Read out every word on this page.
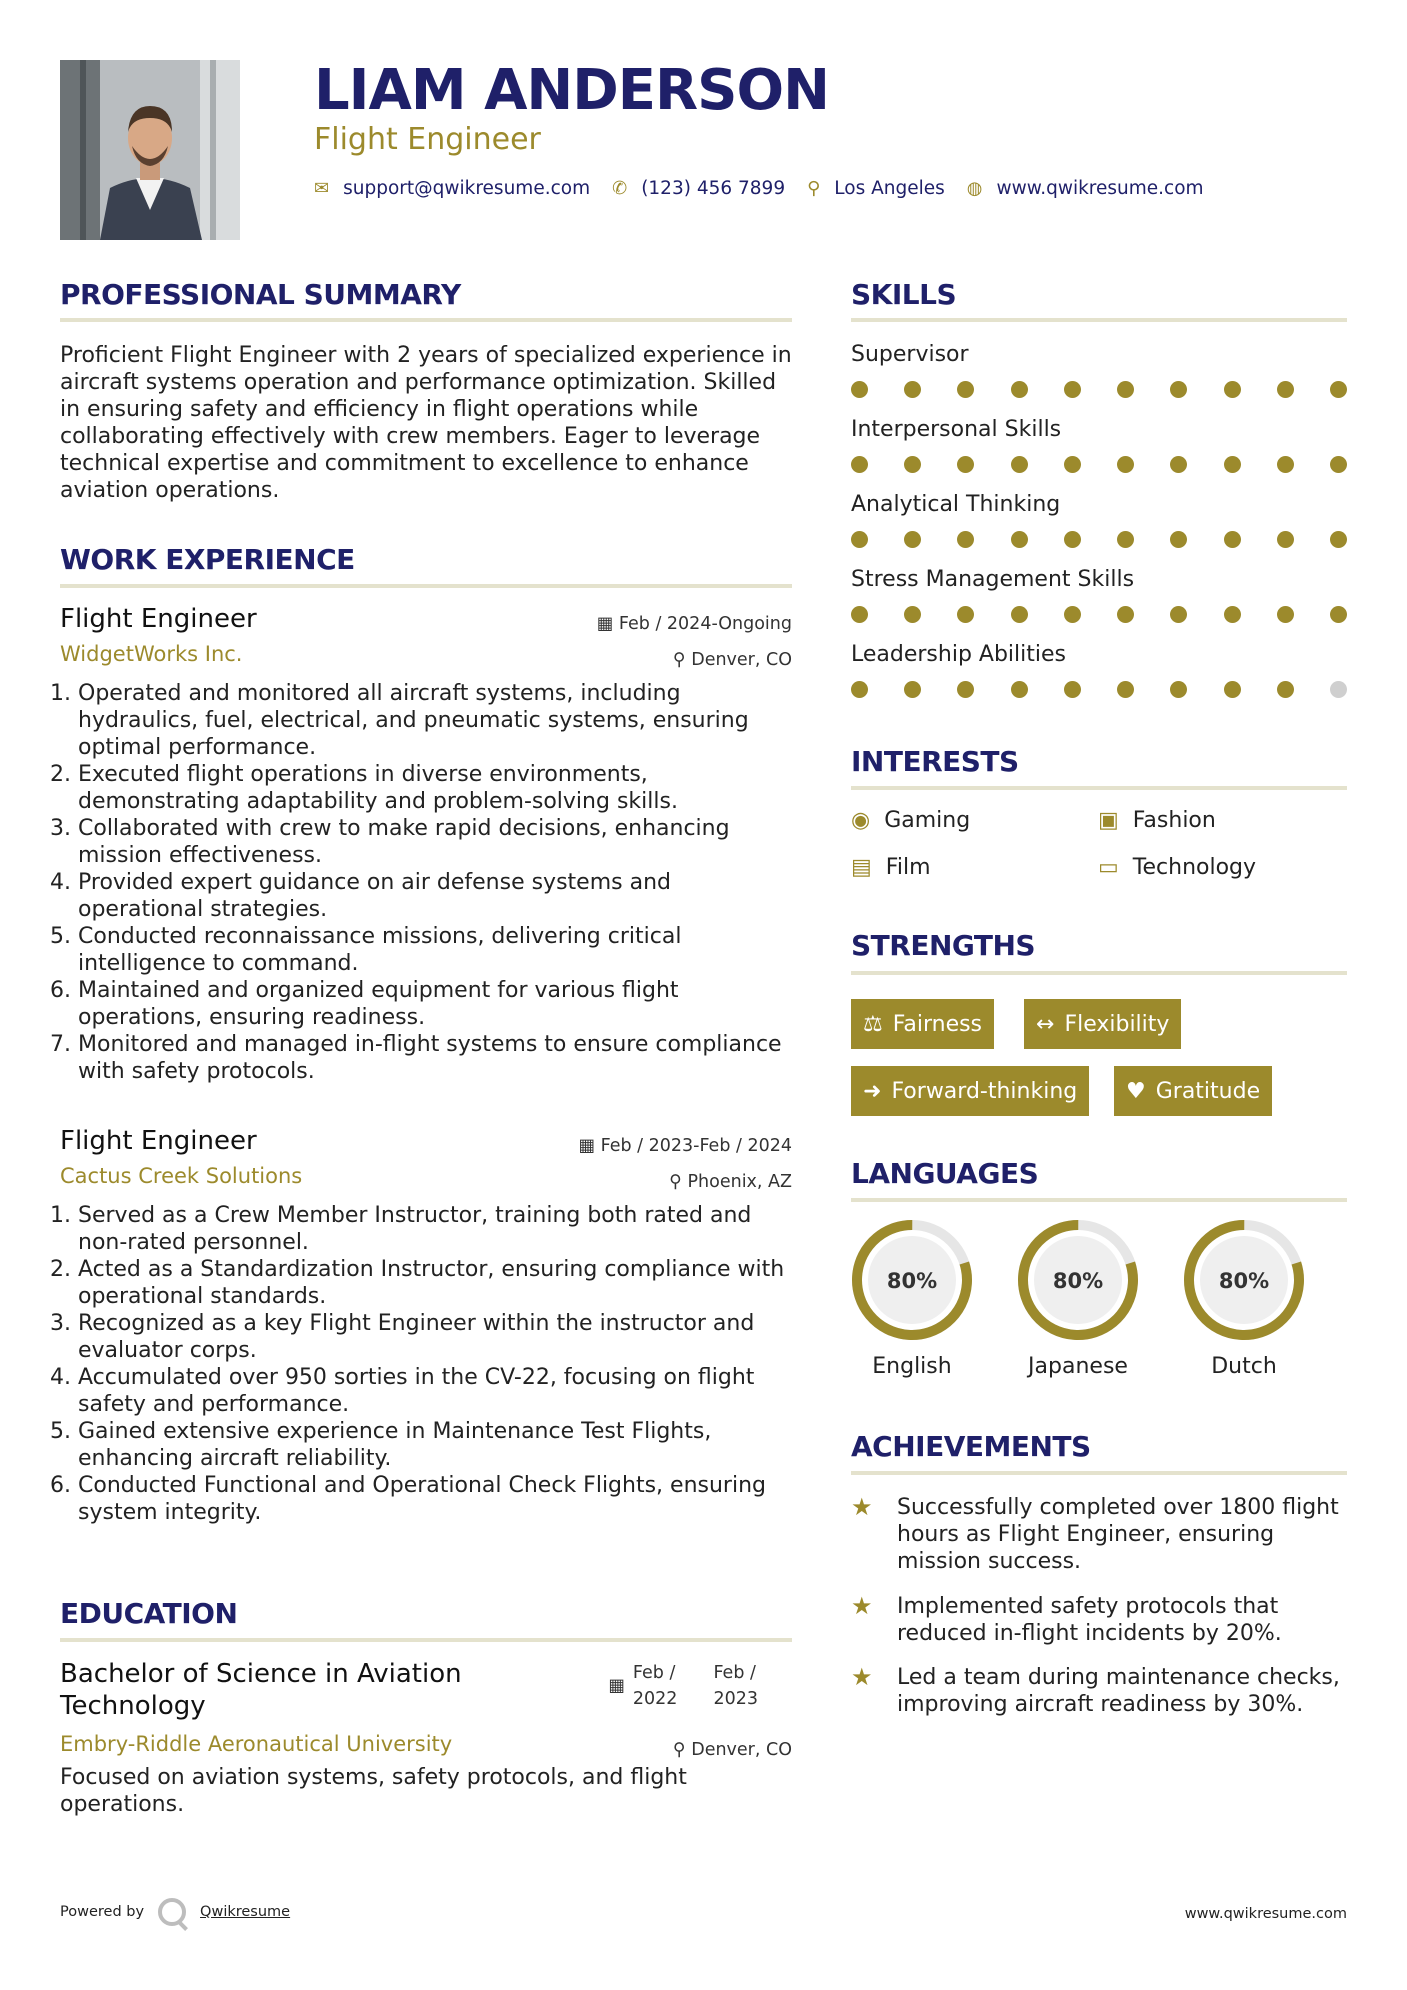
LIAM ANDERSON
Flight Engineer
✉ support@qwikresume.com ✆ (123) 456 7899 ⚲ Los Angeles ◍ www.qwikresume.com
PROFESSIONAL SUMMARY
Proficient Flight Engineer with 2 years of specialized experience in aircraft systems operation and performance optimization. Skilled in ensuring safety and efficiency in flight operations while collaborating effectively with crew members. Eager to leverage technical expertise and commitment to excellence to enhance aviation operations.
WORK EXPERIENCE
Flight Engineer	▦ Feb / 2024-Ongoing
WidgetWorks Inc.	⚲ Denver, CO
1. Operated and monitored all aircraft systems, including hydraulics, fuel, electrical, and pneumatic systems, ensuring optimal performance.
2. Executed flight operations in diverse environments, demonstrating adaptability and problem-solving skills.
3. Collaborated with crew to make rapid decisions, enhancing mission effectiveness.
4. Provided expert guidance on air defense systems and operational strategies.
5. Conducted reconnaissance missions, delivering critical intelligence to command.
6. Maintained and organized equipment for various flight operations, ensuring readiness.
7. Monitored and managed in-flight systems to ensure compliance with safety protocols.
Flight Engineer	▦ Feb / 2023-Feb / 2024
Cactus Creek Solutions	⚲ Phoenix, AZ
1. Served as a Crew Member Instructor, training both rated and non-rated personnel.
2. Acted as a Standardization Instructor, ensuring compliance with operational standards.
3. Recognized as a key Flight Engineer within the instructor and evaluator corps.
4. Accumulated over 950 sorties in the CV-22, focusing on flight safety and performance.
5. Gained extensive experience in Maintenance Test Flights, enhancing aircraft reliability.
6. Conducted Functional and Operational Check Flights, ensuring system integrity.
EDUCATION
Bachelor of Science in Aviation
Technology
▦
Feb /
2022
Feb /
2023
Embry-Riddle Aeronautical University	⚲ Denver, CO
Focused on aviation systems, safety protocols, and flight operations.
SKILLS
Supervisor
Interpersonal Skills
Analytical Thinking
Stress Management Skills
Leadership Abilities
INTERESTS
◉ Gaming	▣ Fashion
▤ Film	▭ Technology
STRENGTHS
⚖ Fairness ↔ Flexibility
➜ Forward-thinking ♥ Gratitude
LANGUAGES
80%
English
80%
Japanese
80%
Dutch
ACHIEVEMENTS
★	Successfully completed over 1800 flight hours as Flight Engineer, ensuring mission success.
★	Implemented safety protocols that reduced in-flight incidents by 20%.
★	Led a team during maintenance checks, improving aircraft readiness by 30%.
Powered by	Qwikresume	www.qwikresume.com
